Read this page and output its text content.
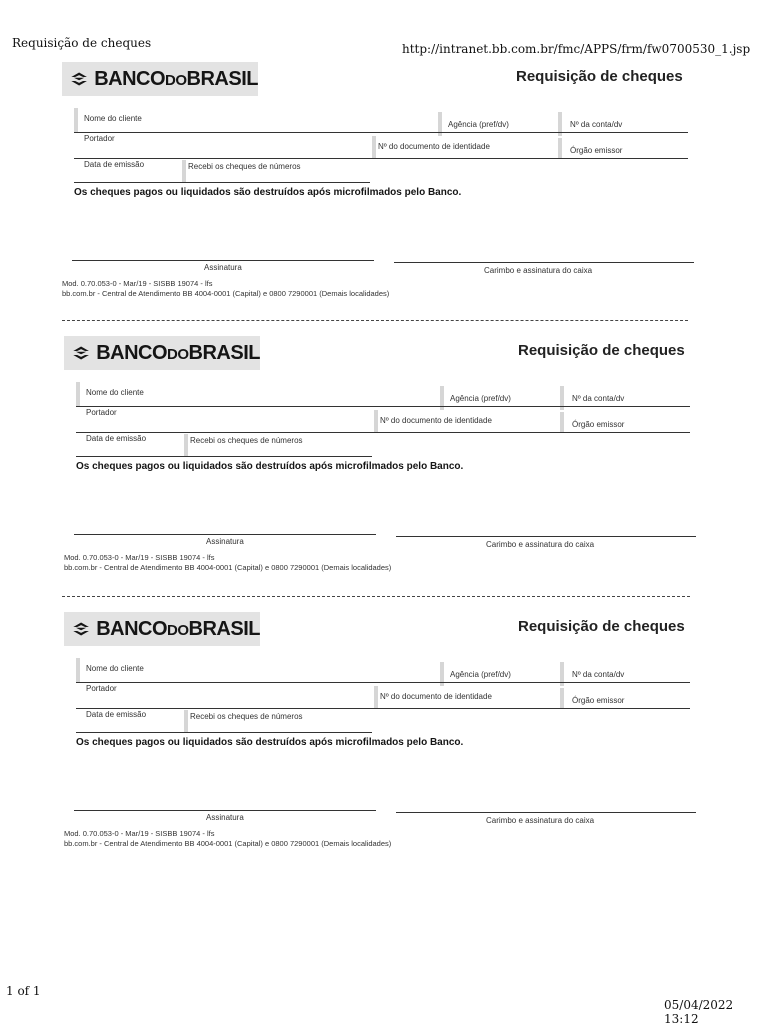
Requisição de cheques	http://intranet.bb.com.br/fmc/APPS/frm/fw0700530_1.jsp
BANCODOBRASIL	Requisição de cheques
Nome do cliente
Agência (pref/dv)	Nº da conta/dv
Portador
Nº do documento de identidade	Órgão emissor
Data de emissão	Recebi os cheques de números
Os cheques pagos ou liquidados são destruídos após microfilmados pelo Banco.
Assinatura	Carimbo e assinatura do caixa
Mod. 0.70.053-0 - Mar/19 - SISBB 19074 - lfs
bb.com.br - Central de Atendimento BB 4004-0001 (Capital) e 0800 7290001 (Demais localidades)
BANCODOBRASIL	Requisição de cheques
Nome do cliente
Agência (pref/dv)	Nº da conta/dv
Portador
Nº do documento de identidade	Órgão emissor
Data de emissão	Recebi os cheques de números
Os cheques pagos ou liquidados são destruídos após microfilmados pelo Banco.
Assinatura	Carimbo e assinatura do caixa
Mod. 0.70.053-0 - Mar/19 - SISBB 19074 - lfs
bb.com.br - Central de Atendimento BB 4004-0001 (Capital) e 0800 7290001 (Demais localidades)
BANCODOBRASIL	Requisição de cheques
Nome do cliente
Agência (pref/dv)	Nº da conta/dv
Portador
Nº do documento de identidade	Órgão emissor
Data de emissão	Recebi os cheques de números
Os cheques pagos ou liquidados são destruídos após microfilmados pelo Banco.
Assinatura	Carimbo e assinatura do caixa
Mod. 0.70.053-0 - Mar/19 - SISBB 19074 - lfs
bb.com.br - Central de Atendimento BB 4004-0001 (Capital) e 0800 7290001 (Demais localidades)
1 of 1
05/04/2022 13:12
